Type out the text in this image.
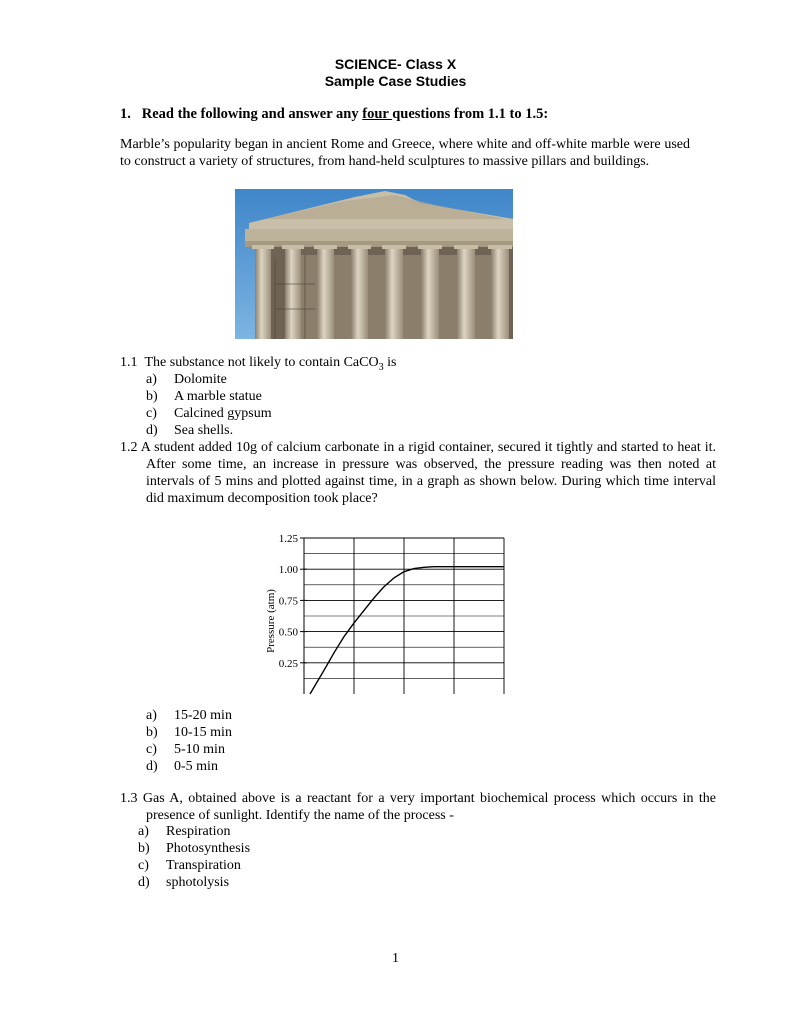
SCIENCE- Class X
Sample Case Studies
1. Read the following and answer any four questions from 1.1 to 1.5:
Marble’s popularity began in ancient Rome and Greece, where white and off-white marble were used to construct a variety of structures, from hand-held sculptures to massive pillars and buildings.
1.1 The substance not likely to contain CaCO$_3$ is
a) Dolomite
b) A marble statue
c) Calcined gypsum
d) Sea shells.
1.2 A student added 10g of calcium carbonate in a rigid container, secured it tightly and started to heat it. After some time, an increase in pressure was observed, the pressure reading was then noted at intervals of 5 mins and plotted against time, in a graph as shown below. During which time interval did maximum decomposition took place?
1.25
1.00
0.75
0.50
0.25
Pressure (atm)
a) 15-20 min
b) 10-15 min
c) 5-10 min
d) 0-5 min
1.3 Gas A, obtained above is a reactant for a very important biochemical process which occurs in the presence of sunlight. Identify the name of the process -
a) Respiration
b) Photosynthesis
c) Transpiration
d) sphotolysis
1
